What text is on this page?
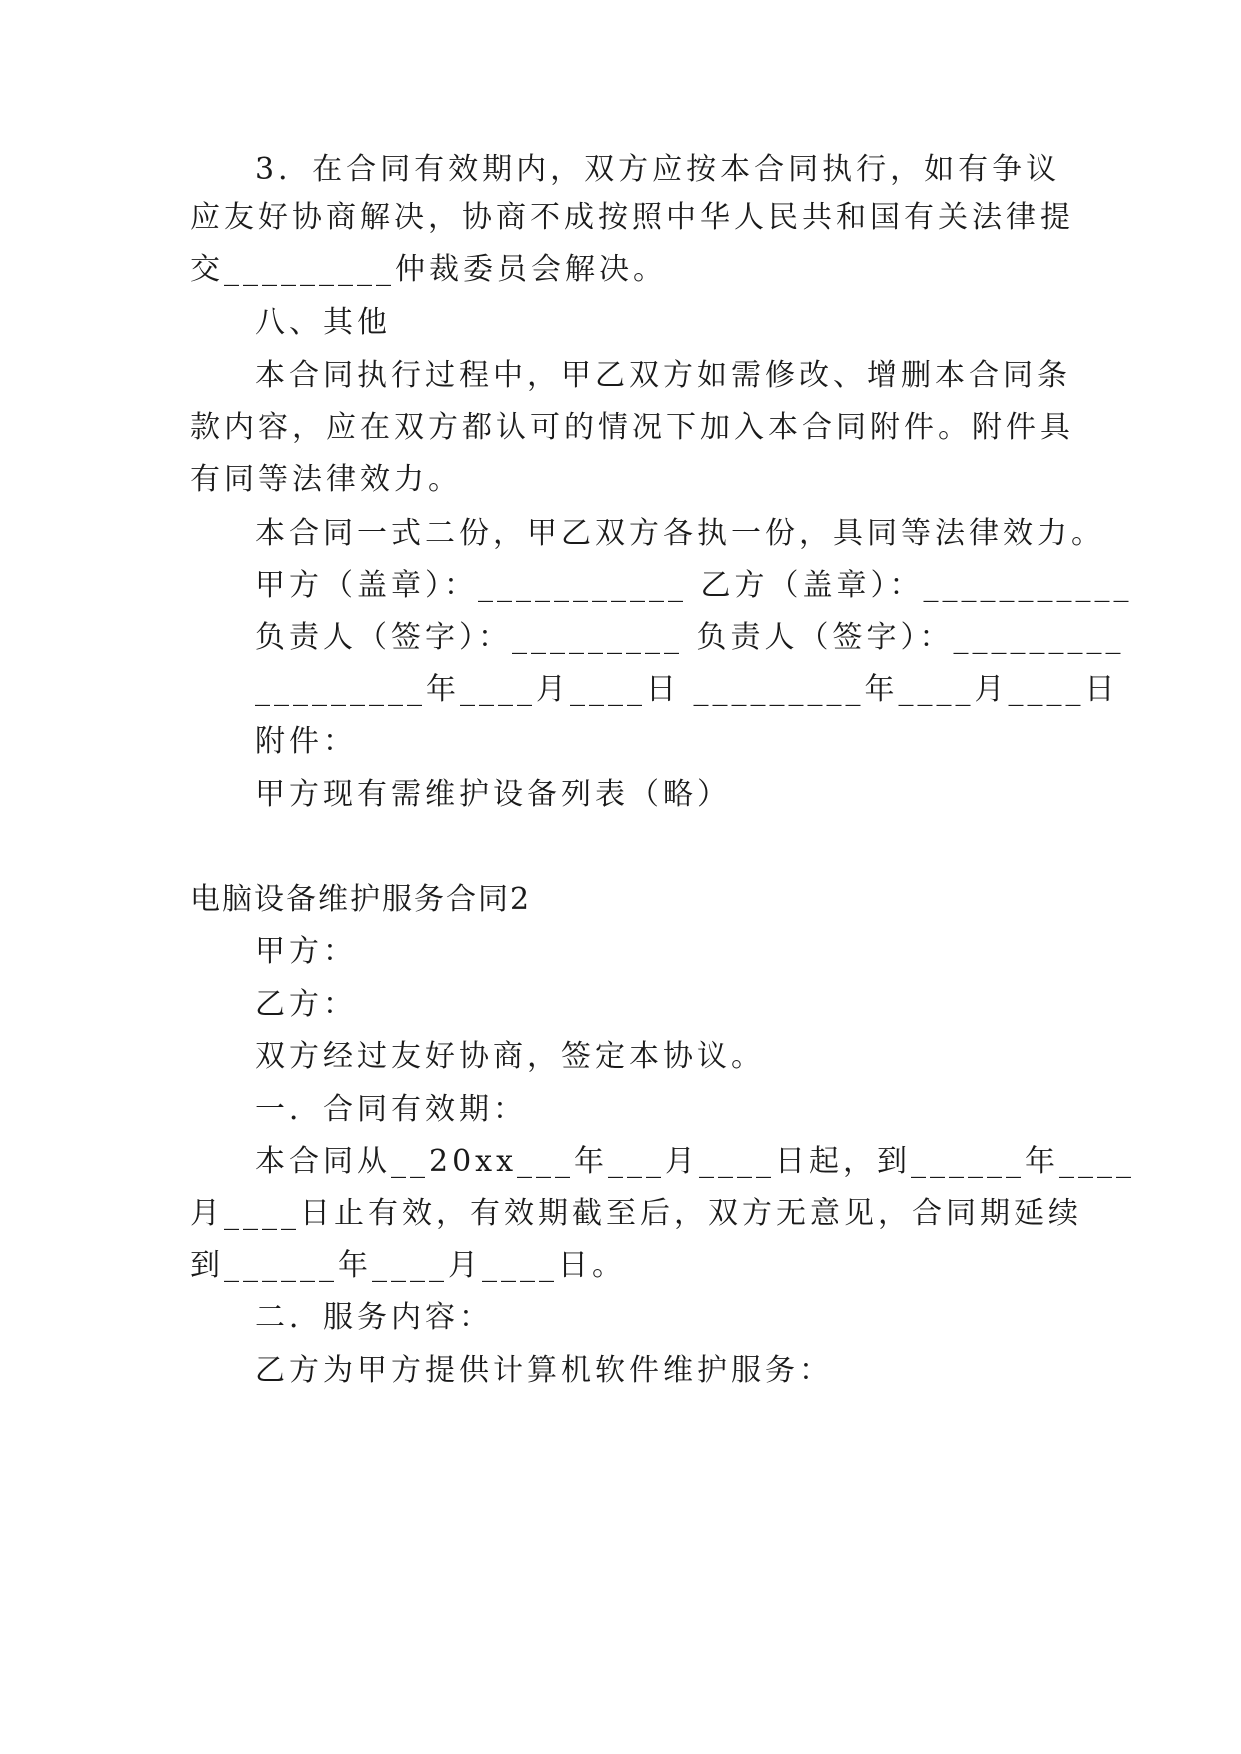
3．在合同有效期内，双方应按本合同执行，如有争议
应友好协商解决，协商不成按照中华人民共和国有关法律提
交_________仲裁委员会解决。
八、其他
本合同执行过程中，甲乙双方如需修改、增删本合同条
款内容，应在双方都认可的情况下加入本合同附件。附件具
有同等法律效力。
本合同一式二份，甲乙双方各执一份，具同等法律效力。
甲方（盖章）：___________ 乙方（盖章）：___________
负责人（签字）：_________ 负责人（签字）：_________
_________年____月____日 _________年____月____日
附件：
甲方现有需维护设备列表（略）
电脑设备维护服务合同2
甲方：
乙方：
双方经过友好协商，签定本协议。
一．合同有效期：
本合同从__20xx___年___月____日起，到______年____
月____日止有效，有效期截至后，双方无意见，合同期延续
到______年____月____日。
二．服务内容：
乙方为甲方提供计算机软件维护服务：
